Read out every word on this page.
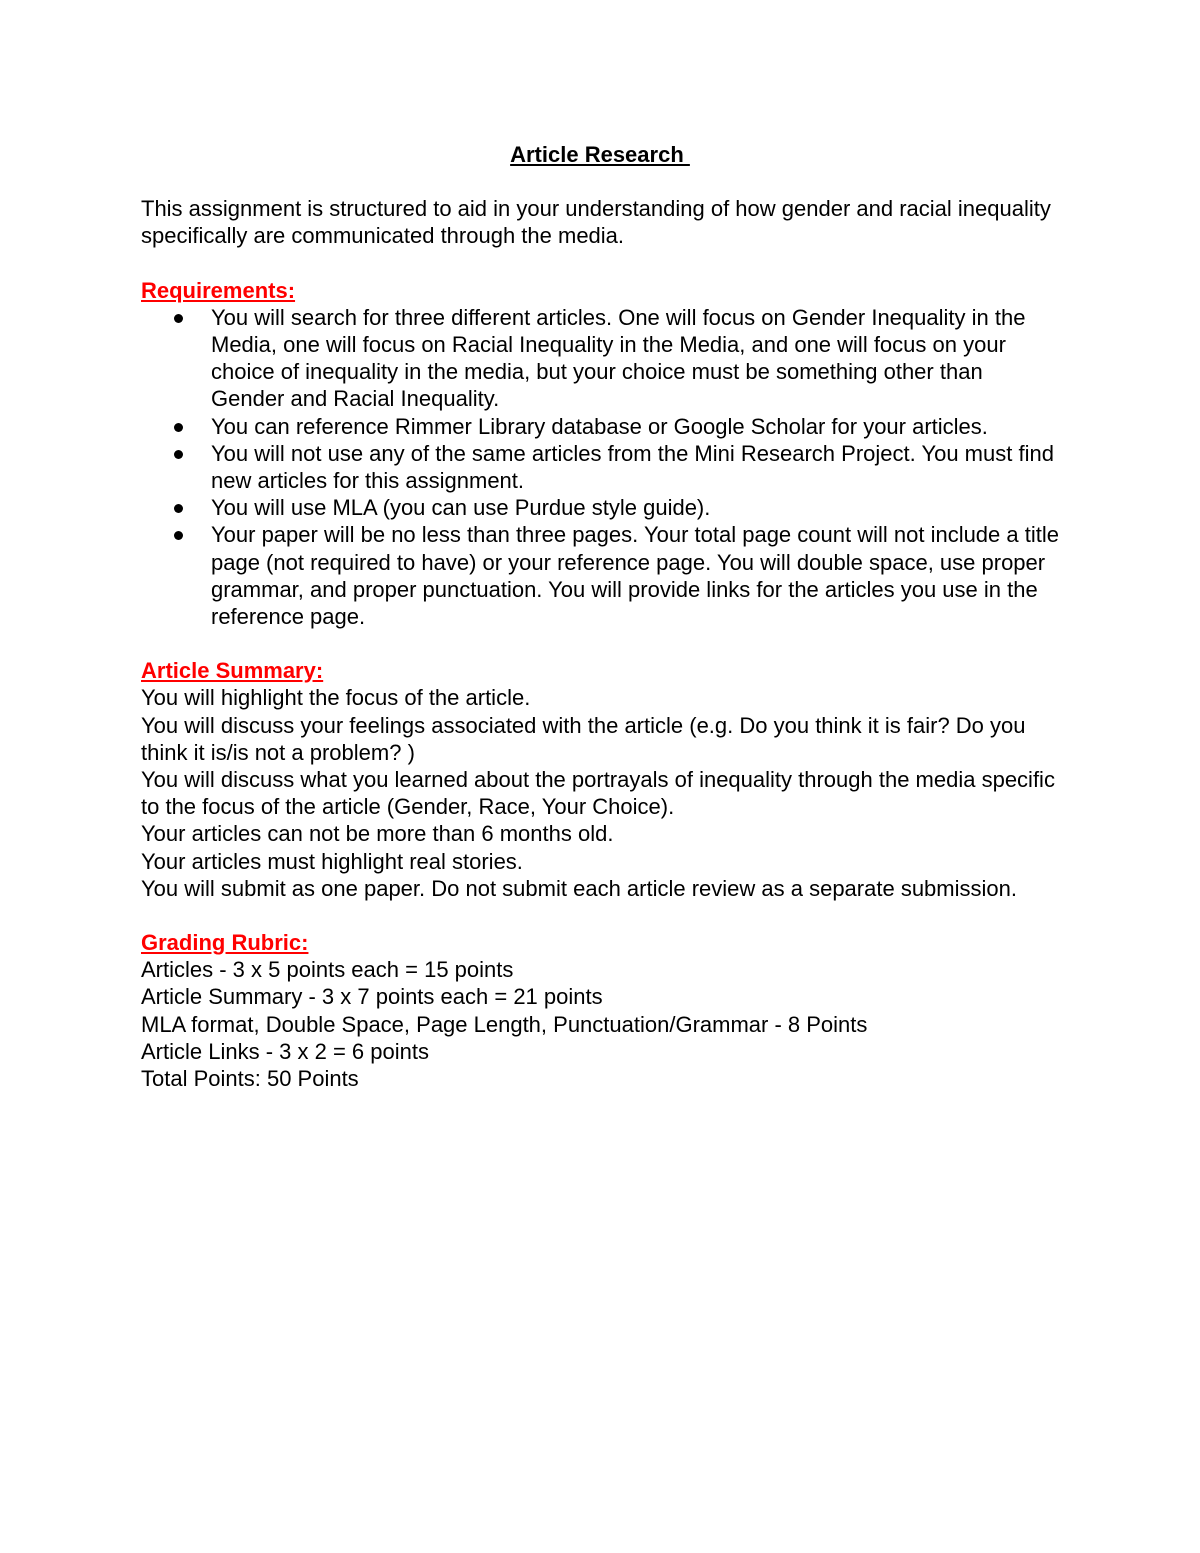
Article Research
This assignment is structured to aid in your understanding of how gender and racial inequality specifically are communicated through the media.
Requirements:
You will search for three different articles. One will focus on Gender Inequality in the Media, one will focus on Racial Inequality in the Media, and one will focus on your choice of inequality in the media, but your choice must be something other than Gender and Racial Inequality.
You can reference Rimmer Library database or Google Scholar for your articles.
You will not use any of the same articles from the Mini Research Project. You must find new articles for this assignment.
You will use MLA (you can use Purdue style guide).
Your paper will be no less than three pages. Your total page count will not include a title page (not required to have) or your reference page. You will double space, use proper grammar, and proper punctuation. You will provide links for the articles you use in the reference page.
Article Summary:
You will highlight the focus of the article.
You will discuss your feelings associated with the article (e.g. Do you think it is fair? Do you think it is/is not a problem? )
You will discuss what you learned about the portrayals of inequality through the media specific to the focus of the article (Gender, Race, Your Choice).
Your articles can not be more than 6 months old.
Your articles must highlight real stories.
You will submit as one paper. Do not submit each article review as a separate submission.
Grading Rubric:
Articles - 3 x 5 points each = 15 points
Article Summary - 3 x 7 points each = 21 points
MLA format, Double Space, Page Length, Punctuation/Grammar - 8 Points
Article Links - 3 x 2 = 6 points
Total Points: 50 Points
